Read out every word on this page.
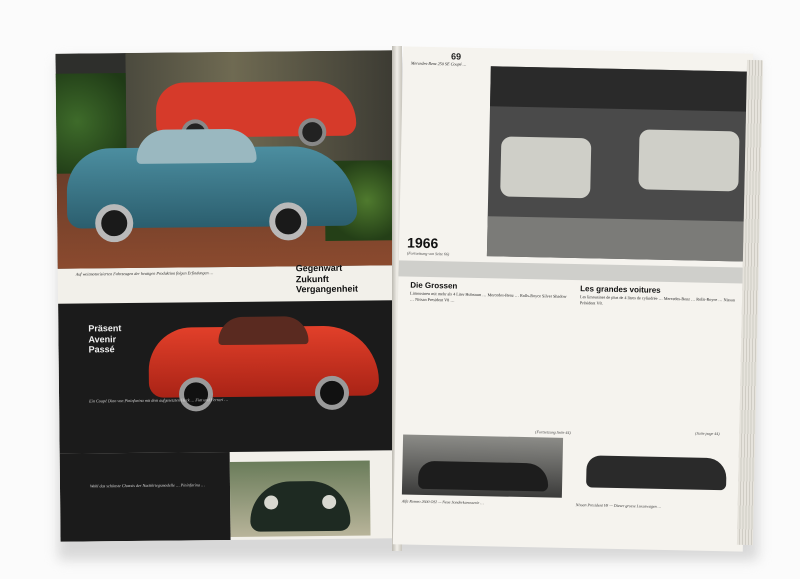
Auf weitmotorisierten Fahrzeugen der heutigen Produktion folgen Erfindungen …
Gegenwart
Zukunft
Vergangenheit
Präsent
Avenir
Passé
Ein Coupé Dino von Pininfarina mit dem aufgesetzten Heck … Fiat und Ferrari …
Wohl das schönste Chassis der Nachkriegsmodelle … Pininfarina …
69
Mercedes-Benz 250 SE Coupé …
1966
(Fortsetzung von Seite 66)
Die Grossen	Les grandes voitures
Limousinen mit mehr als 4 Liter Hubraum … Mercedes-Benz … Rolls-Royce Silver Shadow … Nissan President V8 …	Les limousines de plus de 4 litres de cylindrée … Mercedes-Benz … Rolls-Royce … Nissan Président V8.
(Fortsetzung Seite 44)	(Suite page 44)
Alfa Romeo 2600 OSI — Neue Sonderkarosserie …
Nissan President V8 — Dieser grosse Luxuswagen …
